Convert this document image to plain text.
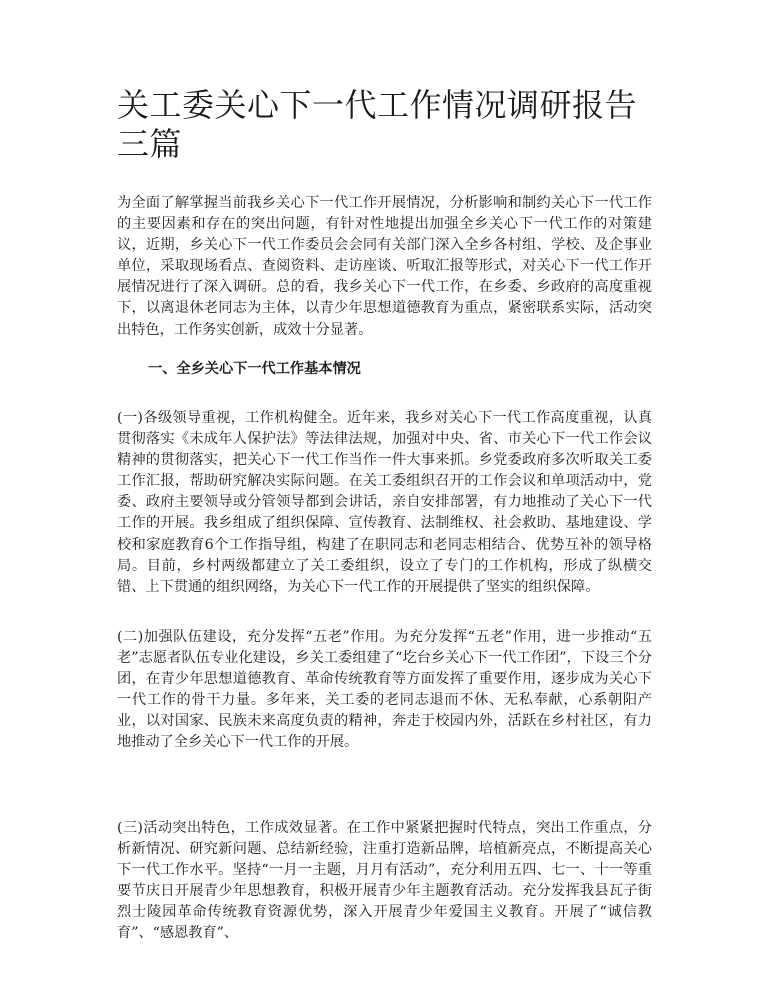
关工委关心下一代工作情况调研报告三篇

为全面了解掌握当前我乡关心下一代工作开展情况，分析影响和制约关心下一代工作的主要因素和存在的突出问题，有针对性地提出加强全乡关心下一代工作的对策建议，近期，乡关心下一代工作委员会会同有关部门深入全乡各村组、学校、及企事业单位，采取现场看点、查阅资料、走访座谈、听取汇报等形式，对关心下一代工作开展情况进行了深入调研。总的看，我乡关心下一代工作，在乡委、乡政府的高度重视下，以离退休老同志为主体，以青少年思想道德教育为重点，紧密联系实际，活动突出特色，工作务实创新，成效十分显著。

一、全乡关心下一代工作基本情况

(一)各级领导重视，工作机构健全。近年来，我乡对关心下一代工作高度重视，认真贯彻落实《未成年人保护法》等法律法规，加强对中央、省、市关心下一代工作会议精神的贯彻落实，把关心下一代工作当作一件大事来抓。乡党委政府多次听取关工委工作汇报，帮助研究解决实际问题。在关工委组织召开的工作会议和单项活动中，党委、政府主要领导或分管领导都到会讲话，亲自安排部署，有力地推动了关心下一代工作的开展。我乡组成了组织保障、宣传教育、法制维权、社会救助、基地建设、学校和家庭教育6个工作指导组，构建了在职同志和老同志相结合、优势互补的领导格局。目前，乡村两级都建立了关工委组织，设立了专门的工作机构，形成了纵横交错、上下贯通的组织网络，为关心下一代工作的开展提供了坚实的组织保障。

(二)加强队伍建设，充分发挥“五老”作用。为充分发挥“五老”作用，进一步推动“五老”志愿者队伍专业化建设，乡关工委组建了“圪台乡关心下一代工作团”，下设三个分团，在青少年思想道德教育、革命传统教育等方面发挥了重要作用，逐步成为关心下一代工作的骨干力量。多年来，关工委的老同志退而不休、无私奉献，心系朝阳产业，以对国家、民族未来高度负责的精神，奔走于校园内外，活跃在乡村社区，有力地推动了全乡关心下一代工作的开展。

(三)活动突出特色，工作成效显著。在工作中紧紧把握时代特点，突出工作重点，分析新情况、研究新问题、总结新经验，注重打造新品牌，培植新亮点，不断提高关心下一代工作水平。坚持“一月一主题，月月有活动”，充分利用五四、七一、十一等重要节庆日开展青少年思想教育，积极开展青少年主题教育活动。充分发挥我县瓦子街烈士陵园革命传统教育资源优势，深入开展青少年爱国主义教育。开展了“诚信教育”、“感恩教育”、
